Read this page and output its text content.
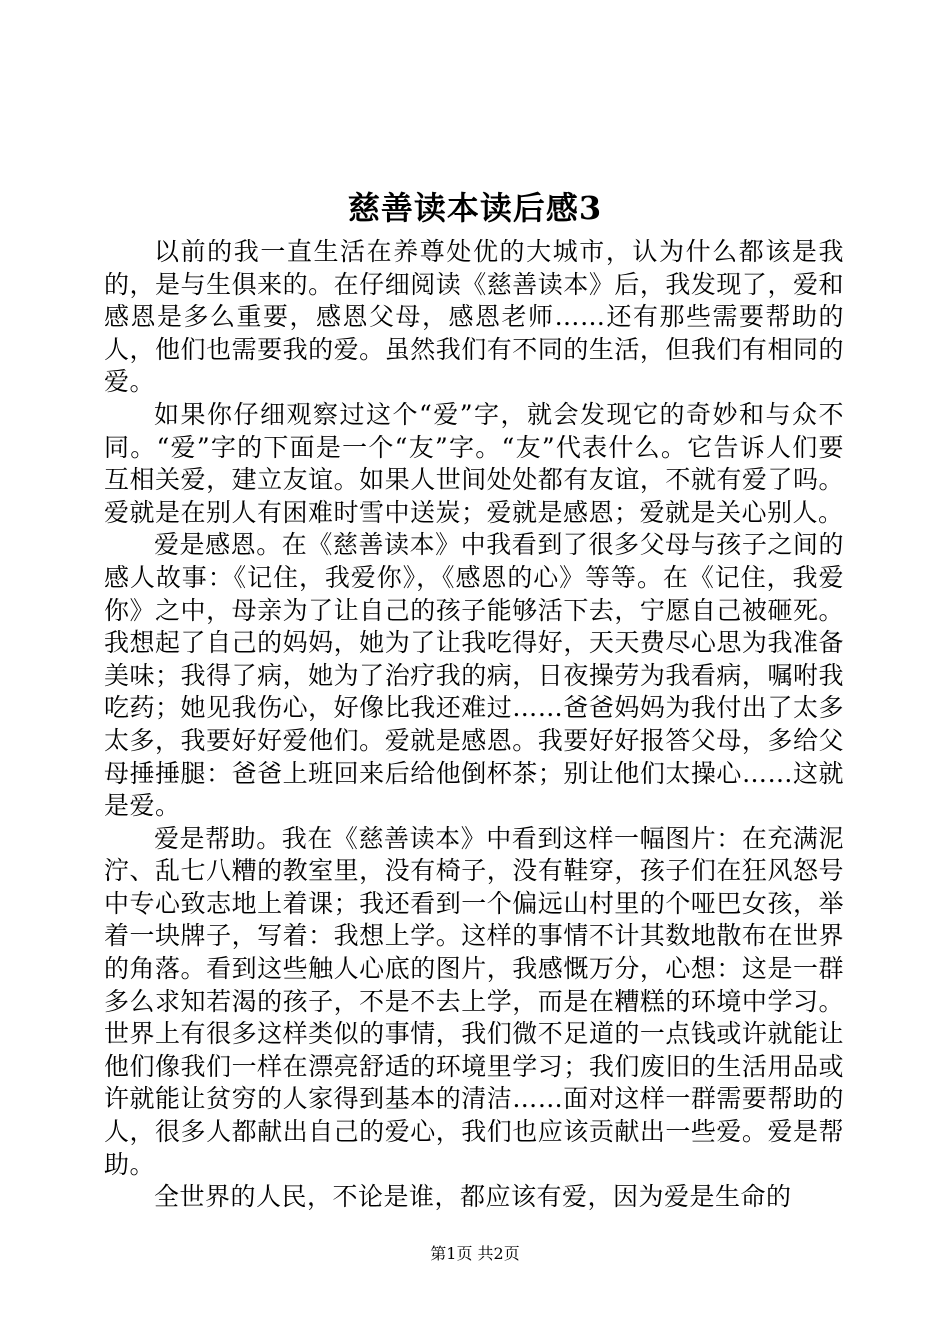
慈善读本读后感3

以前的我一直生活在养尊处优的大城市，认为什么都该是我的，是与生俱来的。在仔细阅读《慈善读本》后，我发现了，爱和感恩是多么重要，感恩父母，感恩老师……还有那些需要帮助的人，他们也需要我的爱。虽然我们有不同的生活，但我们有相同的爱。

如果你仔细观察过这个“爱”字，就会发现它的奇妙和与众不同。“爱”字的下面是一个“友”字。“友”代表什么。它告诉人们要互相关爱，建立友谊。如果人世间处处都有友谊，不就有爱了吗。爱就是在别人有困难时雪中送炭；爱就是感恩；爱就是关心别人。

爱是感恩。在《慈善读本》中我看到了很多父母与孩子之间的感人故事：《记住，我爱你》，《感恩的心》等等。在《记住，我爱你》之中，母亲为了让自己的孩子能够活下去，宁愿自己被砸死。我想起了自己的妈妈，她为了让我吃得好，天天费尽心思为我准备美味；我得了病，她为了治疗我的病，日夜操劳为我看病，嘱咐我吃药；她见我伤心，好像比我还难过……爸爸妈妈为我付出了太多太多，我要好好爱他们。爱就是感恩。我要好好报答父母，多给父母捶捶腿：爸爸上班回来后给他倒杯茶；别让他们太操心……这就是爱。

爱是帮助。我在《慈善读本》中看到这样一幅图片：在充满泥泞、乱七八糟的教室里，没有椅子，没有鞋穿，孩子们在狂风怒号中专心致志地上着课；我还看到一个偏远山村里的个哑巴女孩，举着一块牌子，写着：我想上学。这样的事情不计其数地散布在世界的角落。看到这些触人心底的图片，我感慨万分，心想：这是一群多么求知若渴的孩子，不是不去上学，而是在糟糕的环境中学习。世界上有很多这样类似的事情，我们微不足道的一点钱或许就能让他们像我们一样在漂亮舒适的环境里学习；我们废旧的生活用品或许就能让贫穷的人家得到基本的清洁……面对这样一群需要帮助的人，很多人都献出自己的爱心，我们也应该贡献出一些爱。爱是帮助。

全世界的人民，不论是谁，都应该有爱，因为爱是生命的

第1页 共2页
